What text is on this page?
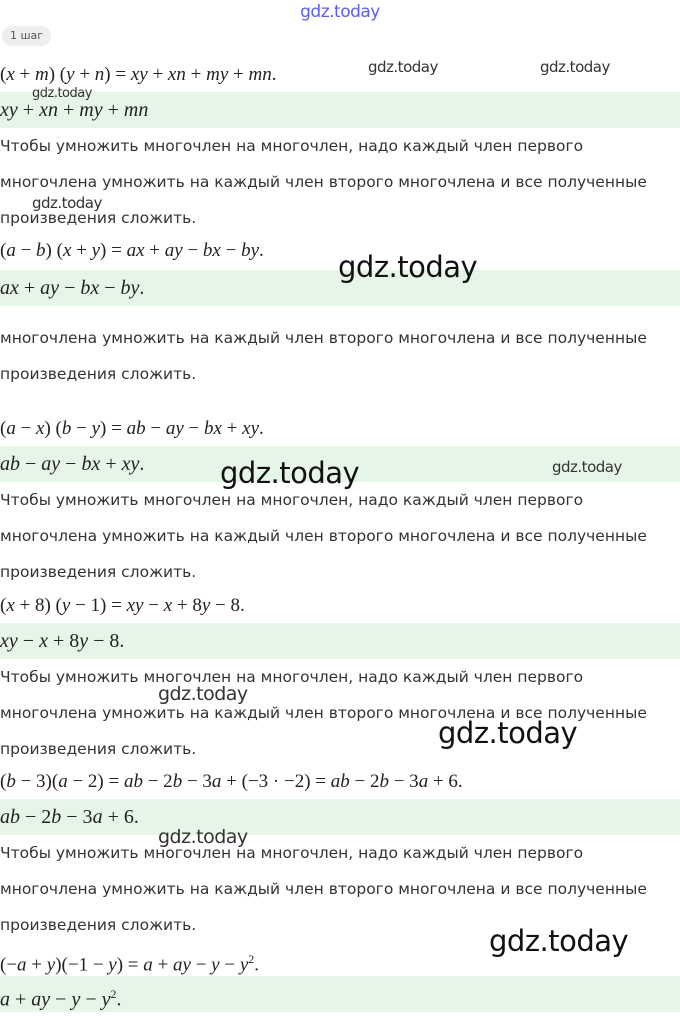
gdz.today
1 шаг
(x + m) (y + n) = xy + xn + my + mn.
xy + xn + my + mn
Чтобы умножить многочлен на многочлен, надо каждый член первого
многочлена умножить на каждый член второго многочлена и все полученные
произведения сложить.
(a − b) (x + y) = ax + ay − bx − by.
ax + ay − bx − by.
многочлена умножить на каждый член второго многочлена и все полученные
произведения сложить.
(a − x) (b − y) = ab − ay − bx + xy.
ab − ay − bx + xy.
Чтобы умножить многочлен на многочлен, надо каждый член первого
многочлена умножить на каждый член второго многочлена и все полученные
произведения сложить.
(x + 8) (y − 1) = xy − x + 8y − 8.
xy − x + 8y − 8.
Чтобы умножить многочлен на многочлен, надо каждый член первого
многочлена умножить на каждый член второго многочлена и все полученные
произведения сложить.
(b − 3)(a − 2) = ab − 2b − 3a + (−3 · −2) = ab − 2b − 3a + 6.
ab − 2b − 3a + 6.
Чтобы умножить многочлен на многочлен, надо каждый член первого
многочлена умножить на каждый член второго многочлена и все полученные
произведения сложить.
(−a + y)(−1 − y) = a + ay − $y - y^2$.
a + ay − $y - y^2$.
gdz.today	gdz.today
gdz.today
gdz.today
gdz.today
gdz.today	gdz.today
gdz.today
gdz.today
gdz.today
gdz.today
